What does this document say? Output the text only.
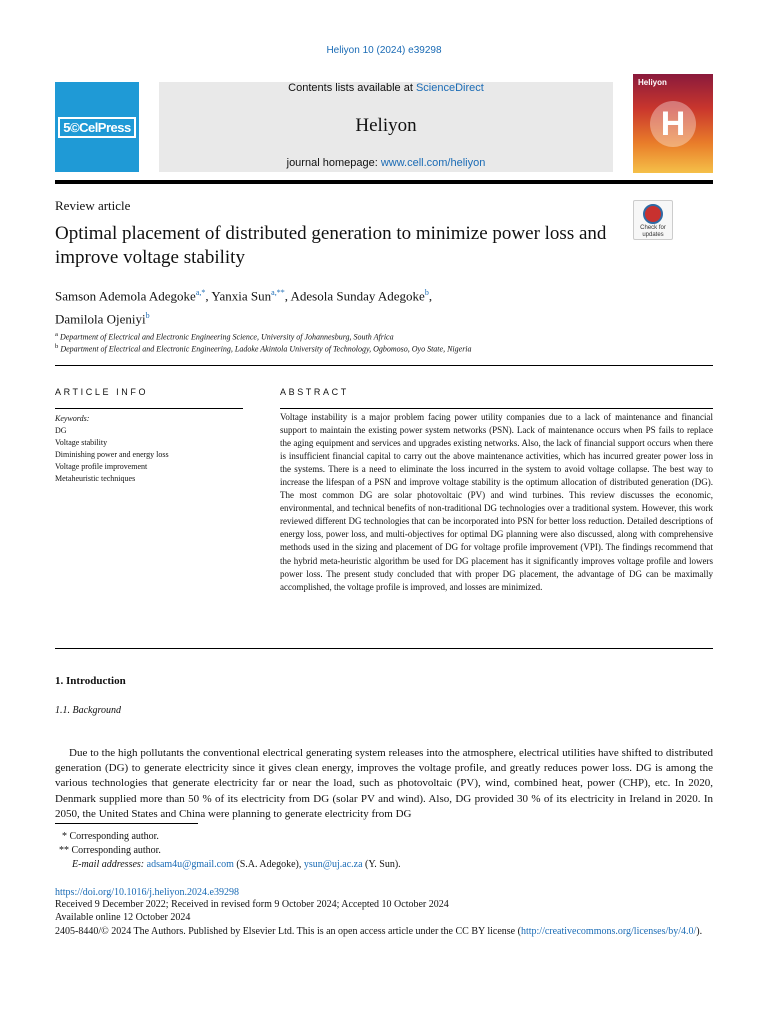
Heliyon 10 (2024) e39298
5©CelPress
Contents lists available at ScienceDirect
Heliyon
journal homepage: www.cell.com/heliyon
Heliyon
H
Review article
Check for
updates
Optimal placement of distributed generation to minimize power loss and improve voltage stability
Samson Ademola Adegoke$^{a,*}$, Yanxia Sun$^{a,**}$, Adesola Sunday Adegoke$^b$,
Damilola Ojeniyi$^b$
$^a$ Department of Electrical and Electronic Engineering Science, University of Johannesburg, South Africa
$^b$ Department of Electrical and Electronic Engineering, Ladoke Akintola University of Technology, Ogbomoso, Oyo State, Nigeria
ARTICLE INFO	ABSTRACT
Keywords:
DG
Voltage stability
Diminishing power and energy loss
Voltage profile improvement
Metaheuristic techniques
Voltage instability is a major problem facing power utility companies due to a lack of maintenance and financial support to maintain the existing power system networks (PSN). Lack of maintenance occurs when PS fails to replace the aging equipment and services and upgrades existing networks. Also, the lack of financial support occurs when there is insufficient financial capital to carry out the above maintenance activities, which has incurred greater power loss in the systems. There is a need to eliminate the loss incurred in the system to avoid voltage collapse. The best way to increase the lifespan of a PSN and improve voltage stability is the optimum allocation of distributed generation (DG). The most common DG are solar photovoltaic (PV) and wind turbines. This review discusses the economic, environmental, and technical benefits of non-traditional DG technologies over a traditional system. However, this work reviewed different DG technologies that can be incorporated into PSN for better loss reduction. Detailed descriptions of energy loss, power loss, and multi-objectives for optimal DG planning were also discussed, along with comprehensive methods used in the sizing and placement of DG for voltage profile improvement (VPI). The findings recommend that the hybrid meta-heuristic algorithm be used for DG placement has it significantly improves voltage profile and lowers power loss. The present study concluded that with proper DG placement, the advantage of DG can be maximally accomplished, the voltage profile is improved, and losses are minimized.
1. Introduction
1.1. Background

Due to the high pollutants the conventional electrical generating system releases into the atmosphere, electrical utilities have shifted to distributed generation (DG) to generate electricity since it gives clean energy, improves the voltage profile, and greatly reduces power loss. DG is among the various technologies that generate electricity far or near the load, such as photovoltaic (PV), wind, combined heat, power (CHP), etc. In 2020, Denmark supplied more than 50 % of its electricity from DG (solar PV and wind). Also, DG provided 30 % of its electricity in Ireland in 2020. In 2050, the United States and China were planning to generate electricity from DG

* Corresponding author.
** Corresponding author.
E-mail addresses: adsam4u@gmail.com (S.A. Adegoke), ysun@uj.ac.za (Y. Sun).
https://doi.org/10.1016/j.heliyon.2024.e39298
Received 9 December 2022; Received in revised form 9 October 2024; Accepted 10 October 2024
Available online 12 October 2024
2405-8440/© 2024 The Authors. Published by Elsevier Ltd. This is an open access article under the CC BY license (http://creativecommons.org/licenses/by/4.0/).
